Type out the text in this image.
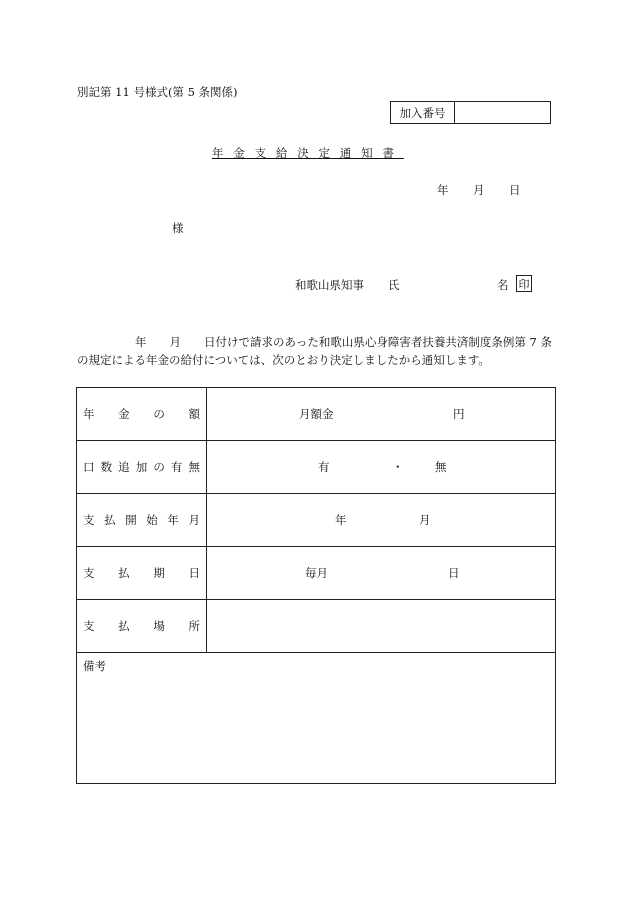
別記第 11 号様式(第 5 条関係)
加入番号
年金支給決定通知書
年 月 日
様
和歌山県知事 氏	名 印
年　　月　　日付けで請求のあった和歌山県心身障害者扶養共済制度条例第 7 条の規定による年金の給付については、次のとおり決定しましたから通知します。
年 金 の 額	月額金	円
口 数 追 加 の 有 無	有	・	無
支 払 開 始 年 月	年	月
支 払 期 日	毎月	日
支 払 場 所
備考
